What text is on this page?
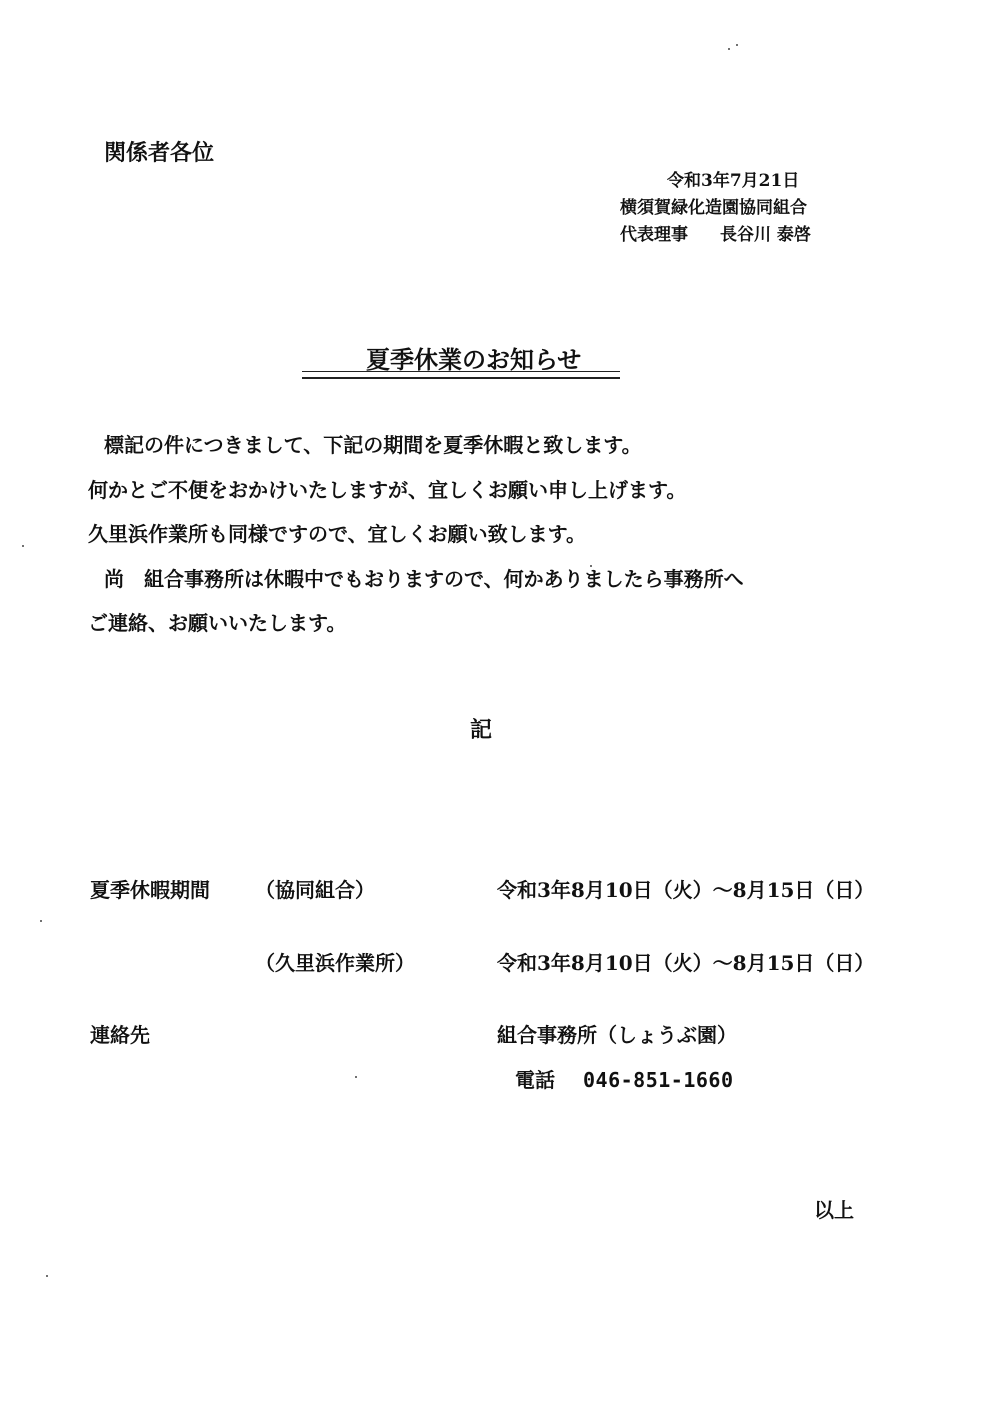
関係者各位
令和3年7月21日
横須賀緑化造園協同組合
代表理事 長谷川 泰啓
夏季休業のお知らせ
標記の件につきまして、下記の期間を夏季休暇と致します。
何かとご不便をおかけいたしますが、宜しくお願い申し上げます。
久里浜作業所も同様ですので、宜しくお願い致します。
尚 組合事務所は休暇中でもおりますので、何かありましたら事務所へ
ご連絡、お願いいたします。
記
夏季休暇期間 （協同組合）	令和3年8月10日（火）～8月15日（日）
（久里浜作業所）	令和3年8月10日（火）～8月15日（日）
連絡先	組合事務所（しょうぶ園）
電話 046-851-1660
以上
